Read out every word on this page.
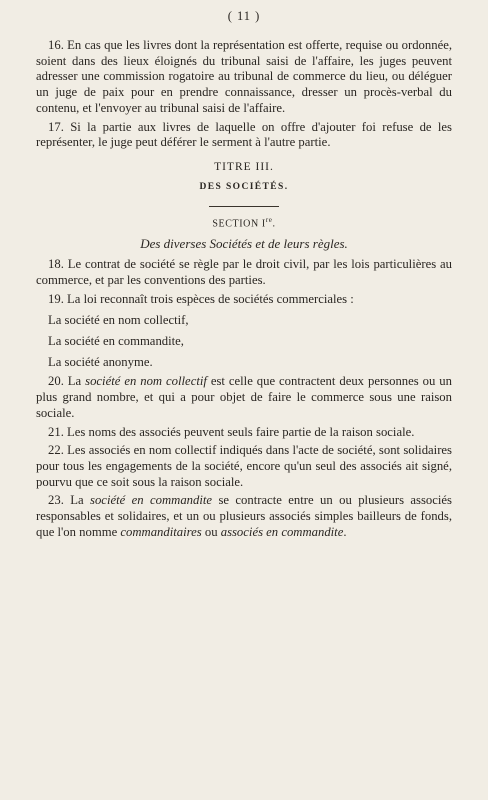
( 11 )

16. En cas que les livres dont la représentation est offerte, requise ou ordonnée, soient dans des lieux éloignés du tribunal saisi de l'affaire, les juges peuvent adresser une commission rogatoire au tribunal de commerce du lieu, ou déléguer un juge de paix pour en prendre connaissance, dresser un procès-verbal du contenu, et l'envoyer au tribunal saisi de l'affaire.

17. Si la partie aux livres de laquelle on offre d'ajouter foi refuse de les représenter, le juge peut déférer le serment à l'autre partie.

TITRE III.
DES SOCIÉTÉS.
SECTION Ire.
Des diverses Sociétés et de leurs règles.

18. Le contrat de société se règle par le droit civil, par les lois particulières au commerce, et par les conventions des parties.

19. La loi reconnaît trois espèces de sociétés commerciales :

La société en nom collectif,
La société en commandite,
La société anonyme.

20. La société en nom collectif est celle que contractent deux personnes ou un plus grand nombre, et qui a pour objet de faire le commerce sous une raison sociale.

21. Les noms des associés peuvent seuls faire partie de la raison sociale.

22. Les associés en nom collectif indiqués dans l'acte de société, sont solidaires pour tous les engagements de la société, encore qu'un seul des associés ait signé, pourvu que ce soit sous la raison sociale.

23. La société en commandite se contracte entre un ou plusieurs associés responsables et solidaires, et un ou plusieurs associés simples bailleurs de fonds, que l'on nomme commanditaires ou associés en commandite.
